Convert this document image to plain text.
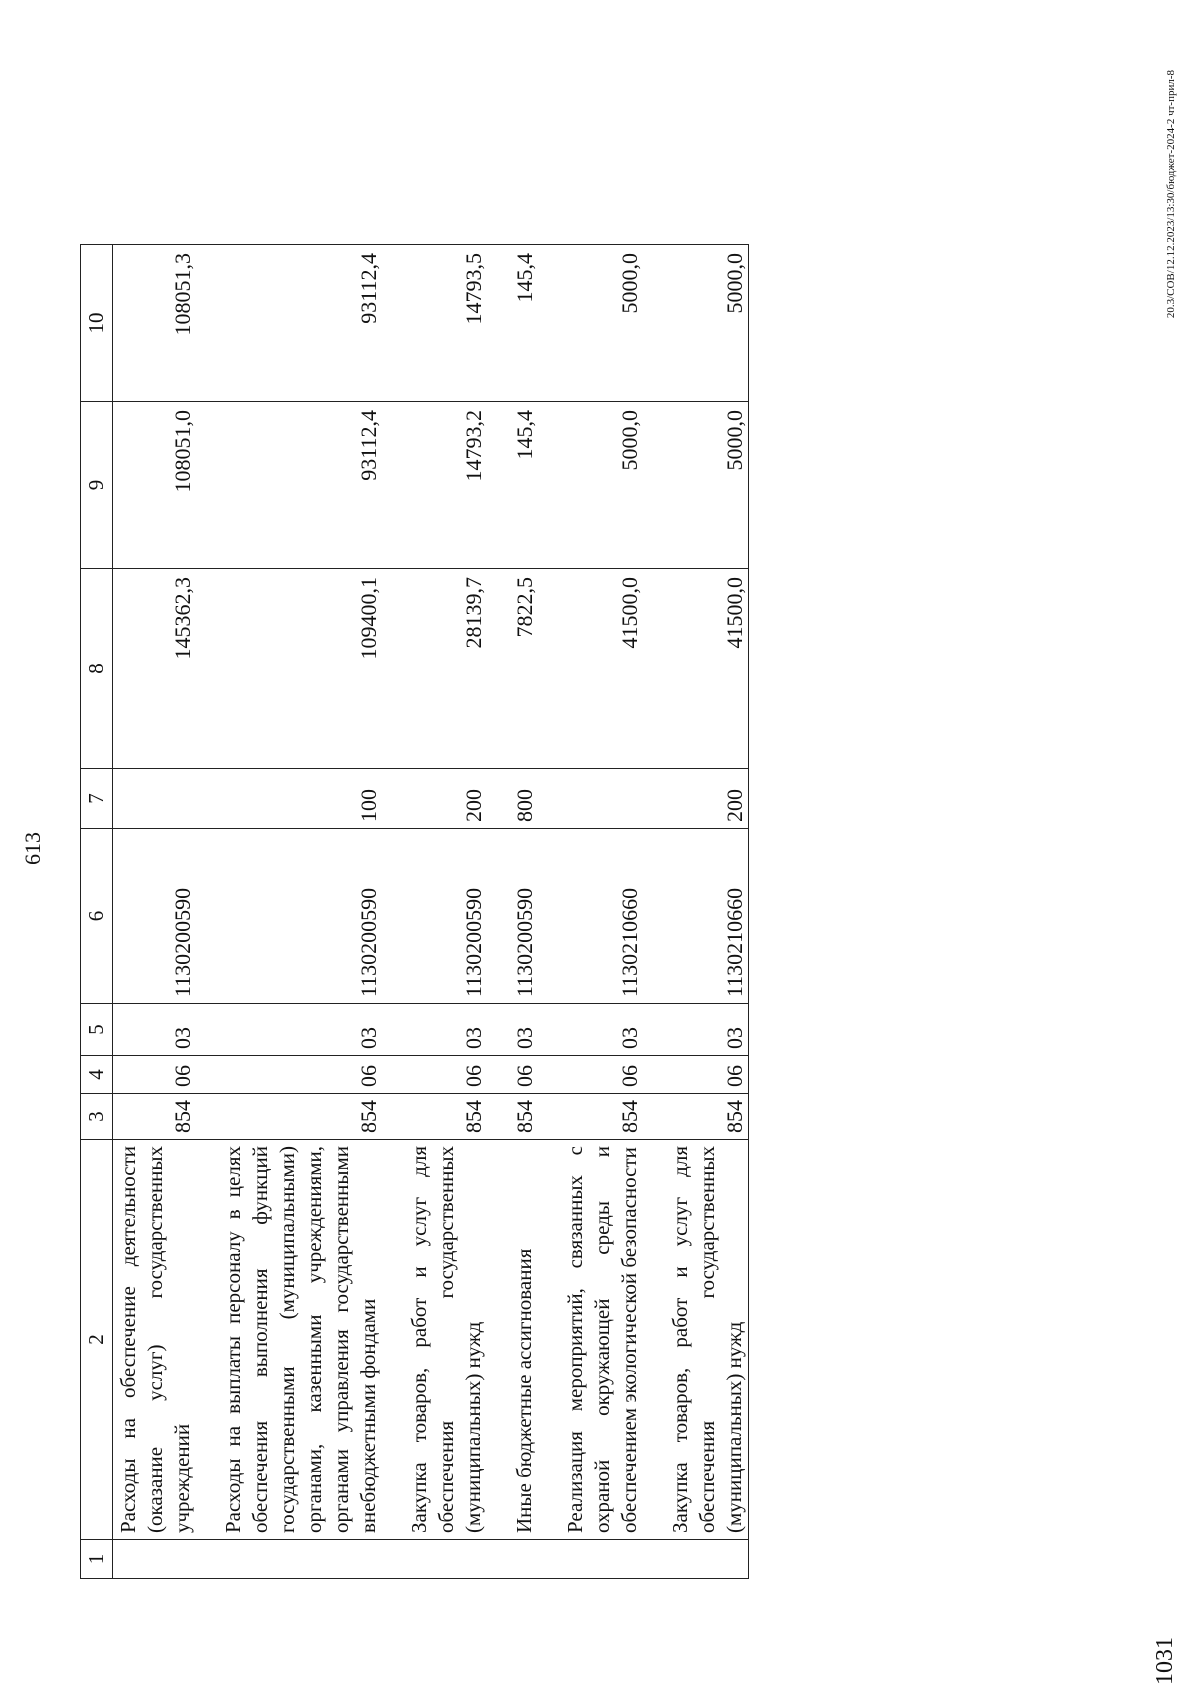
613
1	2	3	4	5	6	7	8	9	10
	Расходы на обеспечение деятельности (оказание услуг) государственных учреждений	854	06	03	1130200590		145362,3	108051,0	108051,3

	Расходы на выплаты персоналу в целях обеспечения выполнения функций государственными (муниципальными) органами, казенными учреждениями, органами управления государственными внебюджетными фондами	854	06	03	1130200590	100	109400,1	93112,4	93112,4

	Закупка товаров, работ и услуг для обеспечения государственных (муниципальных) нужд	854	06	03	1130200590	200	28139,7	14793,2	14793,5

	Иные бюджетные ассигнования	854	06	03	1130200590	800	7822,5	145,4	145,4

	Реализация мероприятий, связанных с охраной окружающей среды и обеспечением экологической безопасности	854	06	03	1130210660		41500,0	5000,0	5000,0

	Закупка товаров, работ и услуг для обеспечения государственных (муниципальных) нужд	854	06	03	1130210660	200	41500,0	5000,0	5000,0	20.3/СОВ/12.12.2023/13:30/бюджет-2024-2 чт-прил-8
1031
